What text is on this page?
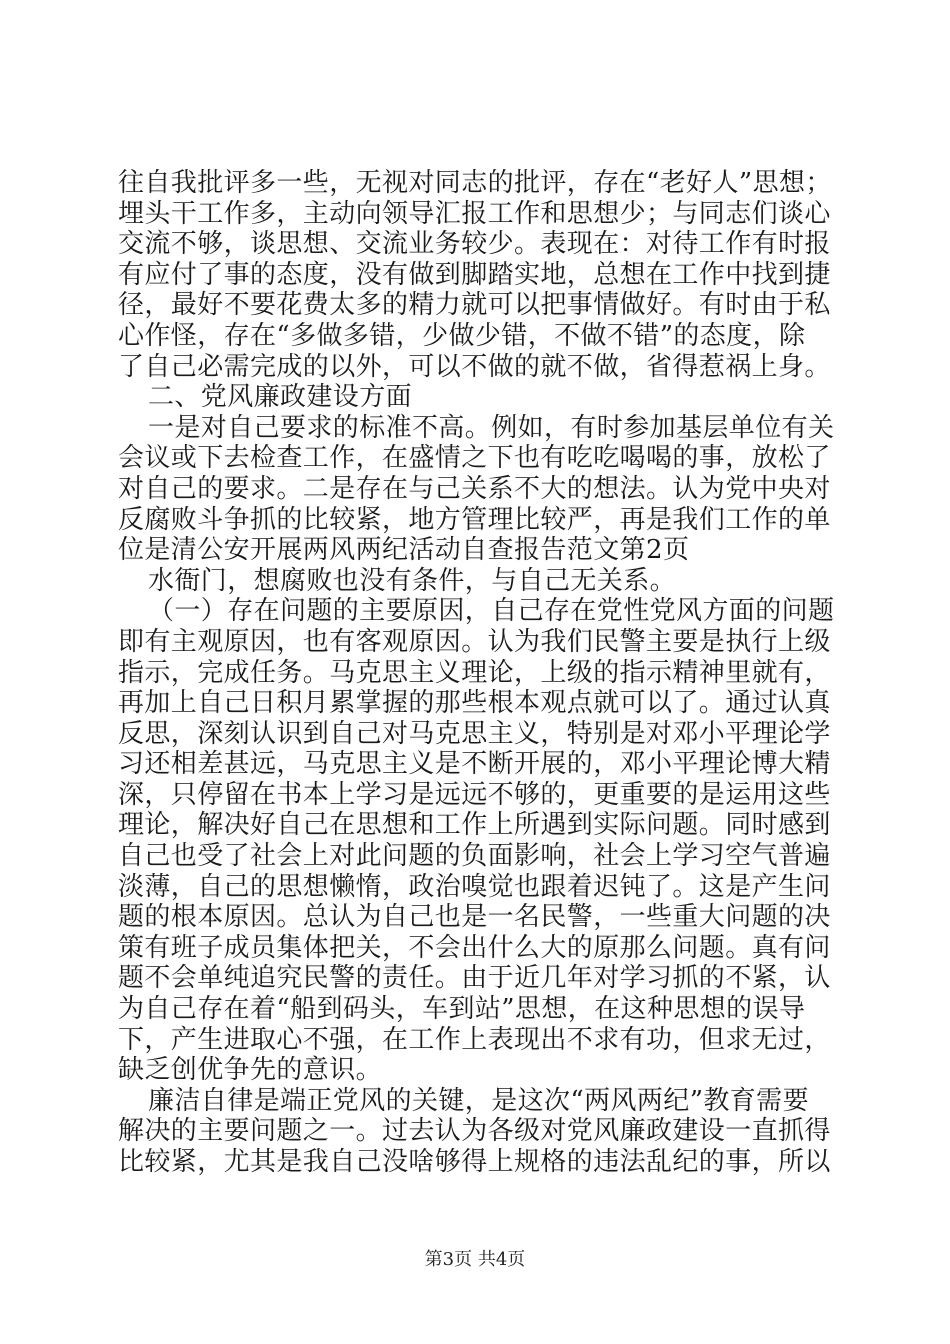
往自我批评多一些，无视对同志的批评，存在“老好人”思想；
埋头干工作多，主动向领导汇报工作和思想少；与同志们谈心
交流不够，谈思想、交流业务较少。表现在：对待工作有时报
有应付了事的态度，没有做到脚踏实地，总想在工作中找到捷
径，最好不要花费太多的精力就可以把事情做好。有时由于私
心作怪，存在“多做多错，少做少错，不做不错”的态度，除
了自己必需完成的以外，可以不做的就不做，省得惹祸上身。
二、党风廉政建设方面
一是对自己要求的标准不高。例如，有时参加基层单位有关
会议或下去检查工作，在盛情之下也有吃吃喝喝的事，放松了
对自己的要求。二是存在与己关系不大的想法。认为党中央对
反腐败斗争抓的比较紧，地方管理比较严，再是我们工作的单
位是清公安开展两风两纪活动自查报告范文第2页
水衙门，想腐败也没有条件，与自己无关系。
（一）存在问题的主要原因，自己存在党性党风方面的问题
即有主观原因，也有客观原因。认为我们民警主要是执行上级
指示，完成任务。马克思主义理论，上级的指示精神里就有，
再加上自己日积月累掌握的那些根本观点就可以了。通过认真
反思，深刻认识到自己对马克思主义，特别是对邓小平理论学
习还相差甚远，马克思主义是不断开展的，邓小平理论博大精
深，只停留在书本上学习是远远不够的，更重要的是运用这些
理论，解决好自己在思想和工作上所遇到实际问题。同时感到
自己也受了社会上对此问题的负面影响，社会上学习空气普遍
淡薄，自己的思想懒惰，政治嗅觉也跟着迟钝了。这是产生问
题的根本原因。总认为自己也是一名民警，一些重大问题的决
策有班子成员集体把关，不会出什么大的原那么问题。真有问
题不会单纯追究民警的责任。由于近几年对学习抓的不紧，认
为自己存在着“船到码头，车到站”思想，在这种思想的误导
下，产生进取心不强，在工作上表现出不求有功，但求无过，
缺乏创优争先的意识。
廉洁自律是端正党风的关键，是这次“两风两纪”教育需要
解决的主要问题之一。过去认为各级对党风廉政建设一直抓得
比较紧，尤其是我自己没啥够得上规格的违法乱纪的事，所以
第3页 共4页
